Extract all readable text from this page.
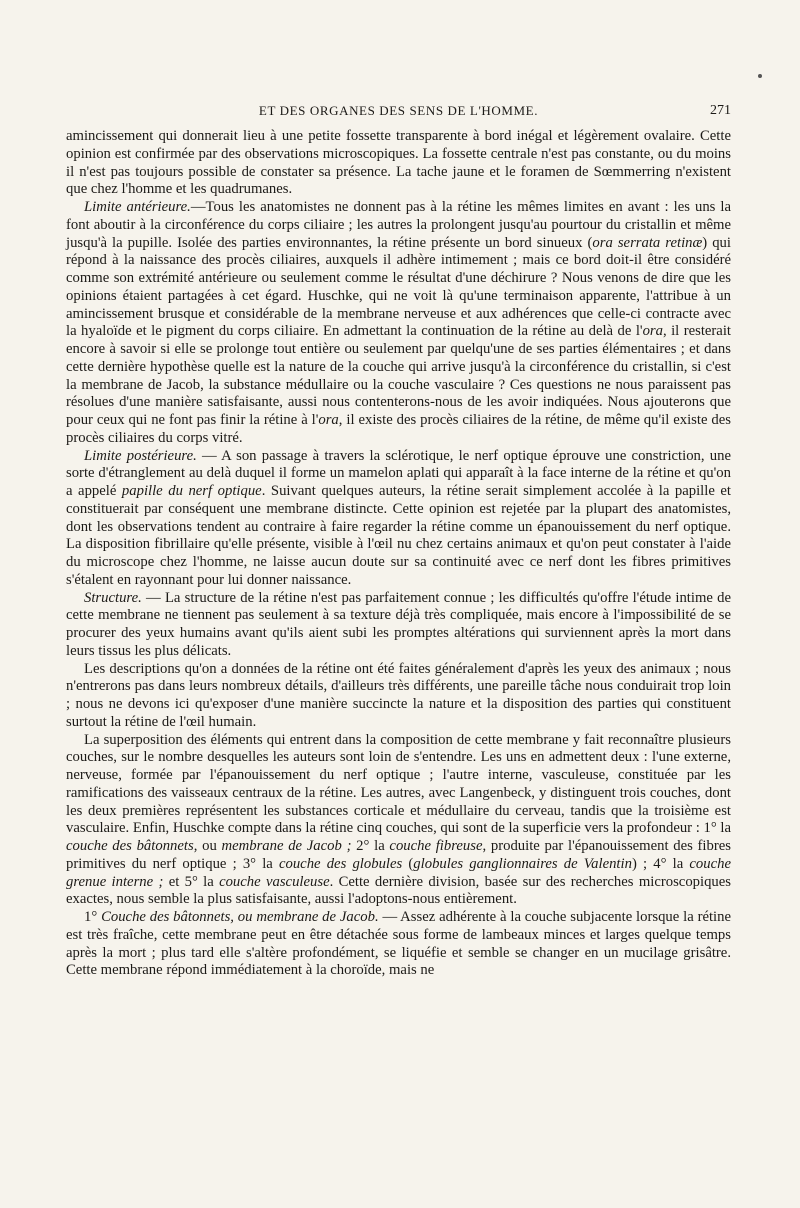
ET DES ORGANES DES SENS DE L'HOMME.	271

amincissement qui donnerait lieu à une petite fossette transparente à bord inégal et légèrement ovalaire. Cette opinion est confirmée par des observations microscopiques. La fossette centrale n'est pas constante, ou du moins il n'est pas toujours possible de constater sa présence. La tache jaune et le foramen de Sœmmerring n'existent que chez l'homme et les quadrumanes.

Limite antérieure.—Tous les anatomistes ne donnent pas à la rétine les mêmes limites en avant : les uns la font aboutir à la circonférence du corps ciliaire ; les autres la prolongent jusqu'au pourtour du cristallin et même jusqu'à la pupille. Isolée des parties environnantes, la rétine présente un bord sinueux (ora serrata retinæ) qui répond à la naissance des procès ciliaires, auxquels il adhère intimement ; mais ce bord doit-il être considéré comme son extrémité antérieure ou seulement comme le résultat d'une déchirure ? Nous venons de dire que les opinions étaient partagées à cet égard. Huschke, qui ne voit là qu'une terminaison apparente, l'attribue à un amincissement brusque et considérable de la membrane nerveuse et aux adhérences que celle-ci contracte avec la hyaloïde et le pigment du corps ciliaire. En admettant la continuation de la rétine au delà de l'ora, il resterait encore à savoir si elle se prolonge tout entière ou seulement par quelqu'une de ses parties élémentaires ; et dans cette dernière hypothèse quelle est la nature de la couche qui arrive jusqu'à la circonférence du cristallin, si c'est la membrane de Jacob, la substance médullaire ou la couche vasculaire ? Ces questions ne nous paraissent pas résolues d'une manière satisfaisante, aussi nous contenterons-nous de les avoir indiquées. Nous ajouterons que pour ceux qui ne font pas finir la rétine à l'ora, il existe des procès ciliaires de la rétine, de même qu'il existe des procès ciliaires du corps vitré.

Limite postérieure. — A son passage à travers la sclérotique, le nerf optique éprouve une constriction, une sorte d'étranglement au delà duquel il forme un mamelon aplati qui apparaît à la face interne de la rétine et qu'on a appelé papille du nerf optique. Suivant quelques auteurs, la rétine serait simplement accolée à la papille et constituerait par conséquent une membrane distincte. Cette opinion est rejetée par la plupart des anatomistes, dont les observations tendent au contraire à faire regarder la rétine comme un épanouissement du nerf optique. La disposition fibrillaire qu'elle présente, visible à l'œil nu chez certains animaux et qu'on peut constater à l'aide du microscope chez l'homme, ne laisse aucun doute sur sa continuité avec ce nerf dont les fibres primitives s'étalent en rayonnant pour lui donner naissance.

Structure. — La structure de la rétine n'est pas parfaitement connue ; les difficultés qu'offre l'étude intime de cette membrane ne tiennent pas seulement à sa texture déjà très compliquée, mais encore à l'impossibilité de se procurer des yeux humains avant qu'ils aient subi les promptes altérations qui surviennent après la mort dans leurs tissus les plus délicats.

Les descriptions qu'on a données de la rétine ont été faites généralement d'après les yeux des animaux ; nous n'entrerons pas dans leurs nombreux détails, d'ailleurs très différents, une pareille tâche nous conduirait trop loin ; nous ne devons ici qu'exposer d'une manière succincte la nature et la disposition des parties qui constituent surtout la rétine de l'œil humain.

La superposition des éléments qui entrent dans la composition de cette membrane y fait reconnaître plusieurs couches, sur le nombre desquelles les auteurs sont loin de s'entendre. Les uns en admettent deux : l'une externe, nerveuse, formée par l'épanouissement du nerf optique ; l'autre interne, vasculeuse, constituée par les ramifications des vaisseaux centraux de la rétine. Les autres, avec Langenbeck, y distinguent trois couches, dont les deux premières représentent les substances corticale et médullaire du cerveau, tandis que la troisième est vasculaire. Enfin, Huschke compte dans la rétine cinq couches, qui sont de la superficie vers la profondeur : 1° la couche des bâtonnets, ou membrane de Jacob ; 2° la couche fibreuse, produite par l'épanouissement des fibres primitives du nerf optique ; 3° la couche des globules (globules ganglionnaires de Valentin) ; 4° la couche grenue interne ; et 5° la couche vasculeuse. Cette dernière division, basée sur des recherches microscopiques exactes, nous semble la plus satisfaisante, aussi l'adoptons-nous entièrement.

1° Couche des bâtonnets, ou membrane de Jacob. — Assez adhérente à la couche subjacente lorsque la rétine est très fraîche, cette membrane peut en être détachée sous forme de lambeaux minces et larges quelque temps après la mort ; plus tard elle s'altère profondément, se liquéfie et semble se changer en un mucilage grisâtre. Cette membrane répond immédiatement à la choroïde, mais ne
